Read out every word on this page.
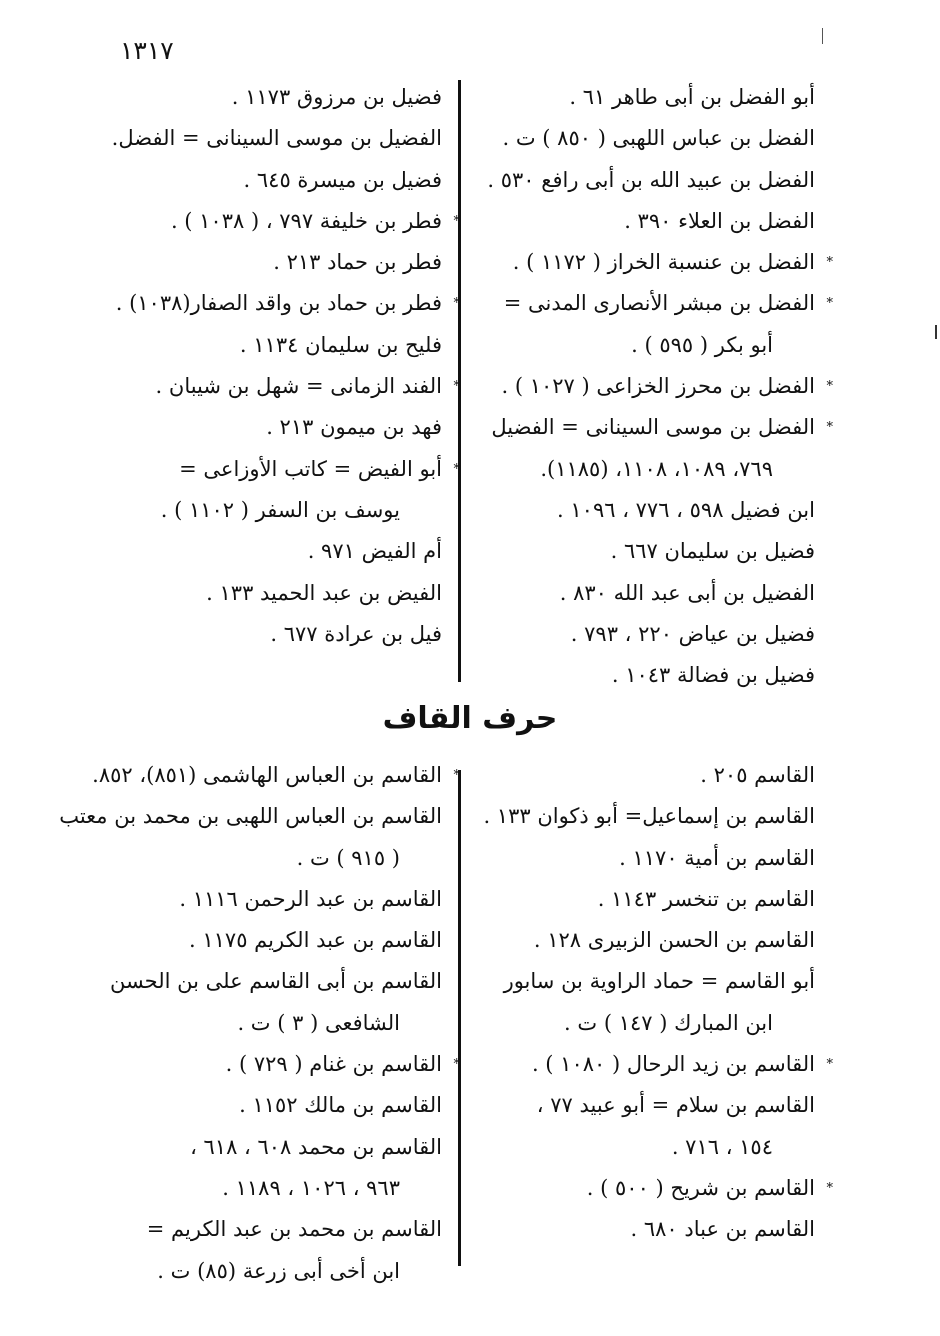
١٣١٧
أبو الفضل بن أبى طاهر ٦١ .
الفضل بن عباس اللهبى ( ٨٥٠ ) ت .
الفضل بن عبيد الله بن أبى رافع ٥٣٠ .
الفضل بن العلاء ٣٩٠ .
*
الفضل بن عنسبة الخراز ( ١١٧٢ ) .
*
الفضل بن مبشر الأنصارى المدنى =
أبو بكر ( ٥٩٥ ) .
*
الفضل بن محرز الخزاعى ( ١٠٢٧ ) .
*
الفضل بن موسى السينانى = الفضيل
٧٦٩، ١٠٨٩، ١١٠٨، (١١٨٥).
ابن فضيل ٥٩٨ ، ٧٧٦ ، ١٠٩٦ .
فضيل بن سليمان ٦٦٧ .
الفضيل بن أبى عبد الله ٨٣٠ .
فضيل بن عياض ٢٢٠ ، ٧٩٣ .
فضيل بن فضالة ١٠٤٣ .
فضيل بن مرزوق ١١٧٣ .
الفضيل بن موسى السينانى = الفضل.
فضيل بن ميسرة ٦٤٥ .
*
فطر بن خليفة ٧٩٧ ، ( ١٠٣٨ ) .
فطر بن حماد ٢١٣ .
*
فطر بن حماد بن واقد الصفار(١٠٣٨) .
فليح بن سليمان ١١٣٤ .
*
الفند الزمانى = شهل بن شيبان .
فهد بن ميمون ٢١٣ .
*
أبو الفيض = كاتب الأوزاعى =
يوسف بن السفر ( ١١٠٢ ) .
أم الفيض ٩٧١ .
الفيض بن عبد الحميد ١٣٣ .
فيل بن عرادة ٦٧٧ .
حرف القاف
القاسم ٢٠٥ .
القاسم بن إسماعيل= أبو ذكوان ١٣٣ .
القاسم بن أمية ١١٧٠ .
القاسم بن تنخسر ١١٤٣ .
القاسم بن الحسن الزبيرى ١٢٨ .
أبو القاسم = حماد الراوية بن سابور
ابن المبارك ( ١٤٧ ) ت .
*
القاسم بن زيد الرحال ( ١٠٨٠ ) .
القاسم بن سلام = أبو عبيد ٧٧ ،
١٥٤ ، ٧١٦ .
*
القاسم بن شريح ( ٥٠٠ ) .
القاسم بن عباد ٦٨٠ .
*
القاسم بن العباس الهاشمى (٨٥١)، ٨٥٢.
القاسم بن العباس اللهبى بن محمد بن معتب
( ٩١٥ ) ت .
القاسم بن عبد الرحمن ١١١٦ .
القاسم بن عبد الكريم ١١٧٥ .
القاسم بن أبى القاسم على بن الحسن
الشافعى ( ٣ ) ت .
*
القاسم بن غنام ( ٧٢٩ ) .
القاسم بن مالك ١١٥٢ .
القاسم بن محمد ٦٠٨ ، ٦١٨ ،
٩٦٣ ، ١٠٢٦ ، ١١٨٩ .
القاسم بن محمد بن عبد الكريم =
ابن أخى أبى زرعة (٨٥) ت .
